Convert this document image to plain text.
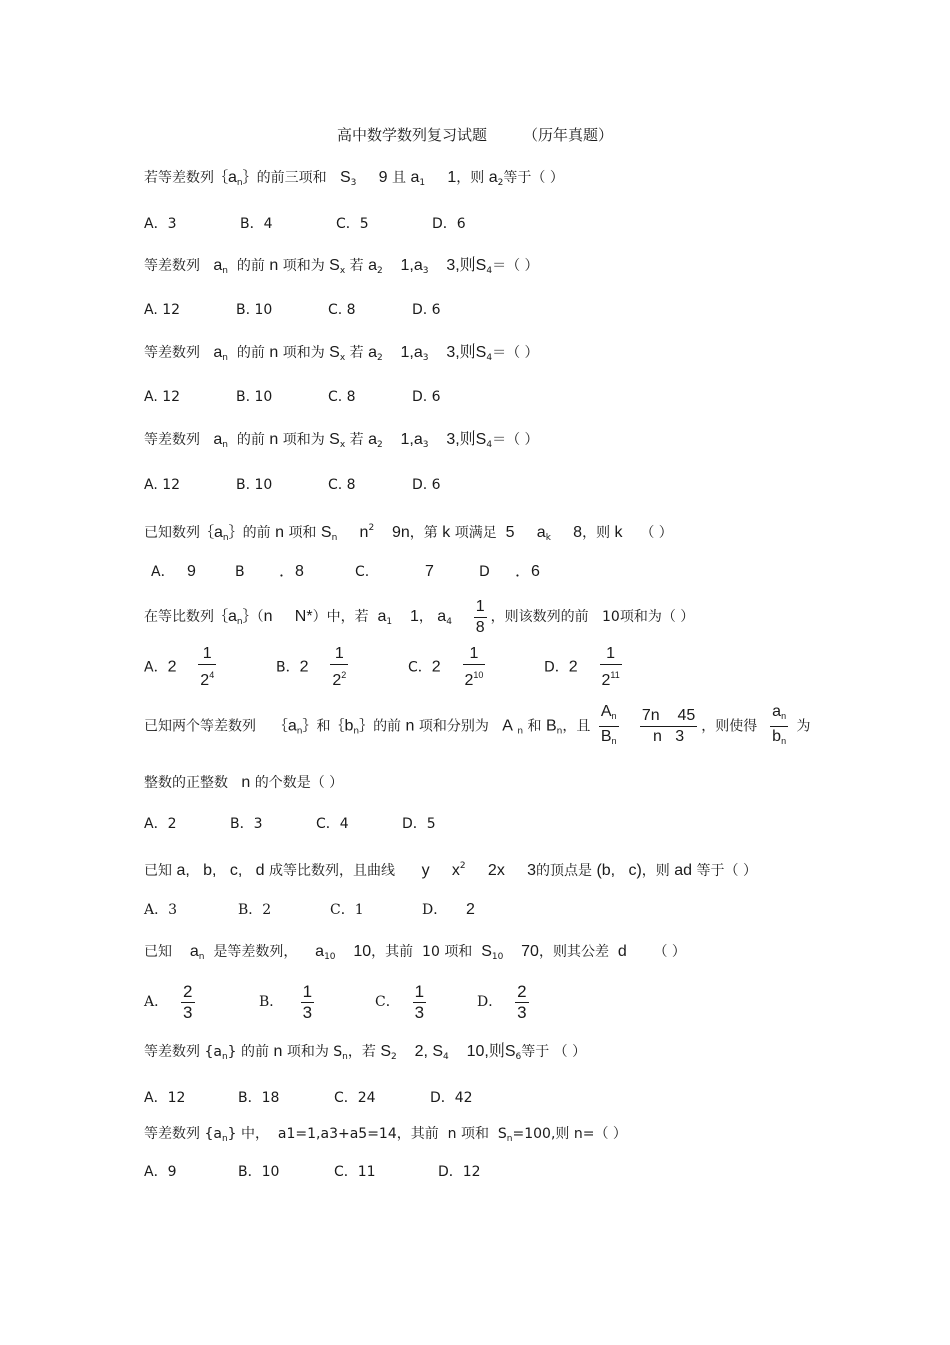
高中数学数列复习试题 （历年真题）
若等差数列$\{a_n\}$的前三项和 $S_3$ 9 且 $a_1$ 1，则 $a_2$等于（ ）
A．3	B．4	C．5	D．6
等差数列 $a_n$ 的前 n 项和为 $S_x$ 若 $a_2$ $1,a_3$ 3,则$S_4=$（ ）
A. 12	B. 10	C. 8	D. 6
等差数列 $a_n$ 的前 n 项和为 $S_x$ 若 $a_2$ $1,a_3$ 3,则$S_4=$（ ）
A. 12	B. 10	C. 8	D. 6
等差数列 $a_n$ 的前 n 项和为 $S_x$ 若 $a_2$ $1,a_3$ 3,则$S_4=$（ ）
A. 12	B. 10	C. 8	D. 6
已知数列$\{a_n\}$的前 n 项和 $S_n$ $n^2$ 9n，第 k 项满足 5 $a_k$ 8，则 k （ ）
A． 9	B ．8	C.	7	D ．6
在等比数列$\{a_n\}(n$ N*）中，若 $a_1$ 1， $a_4 \frac{1}{8}$ ，则该数列的前 10项和为（ ）
A．$2 \frac{1}{2^4}$	B．$2 \frac{1}{2^2}$	C．$2 \frac{1}{2^{10}}$	D．$2 \frac{1}{2^{11}}$
已知两个等差数列    $\{a_n\}$和$\{b_n\}$的前 n 项和分别为 A $_n$ 和 $B_n$，且 $\frac{An}{Bn}$
$\frac{7n 45}{n 3}$ ，则使得 $\frac{an}{bn}$ 为
整数的正整数 n 的个数是（ ）
A．2	B．3	C．4	D．5
已知 a,   b,   c,   d 成等比数列，且曲线 y $x^2$ 2x 3的顶点是 (b,   c)，则 ad 等于（ ）
A．3	B．2	C．1	D． 2
已知 $a_n$ 是等差数列， $a_{10}$ 10，其前 10 项和 $S_{10}$ 70，则其公差 d （ ）
A． $\frac{2}{3}$	B． $\frac{1}{3}$	C． $\frac{1}{3}$	D． $\frac{2}{3}$
等差数列 $\{a_n\}$ 的前 n 项和为 $S_n$，若 $S_2$ 2, $S_4$ 10,则$S_6$等于 （ ）
A．12	B．18	C．24	D．42
等差数列 $\{a_n\}$ 中， a1=1,a3+a5=14，其前 n 项和 $S_n=100$,则 n=（ ）
A．9	B．10	C．11	D．12
